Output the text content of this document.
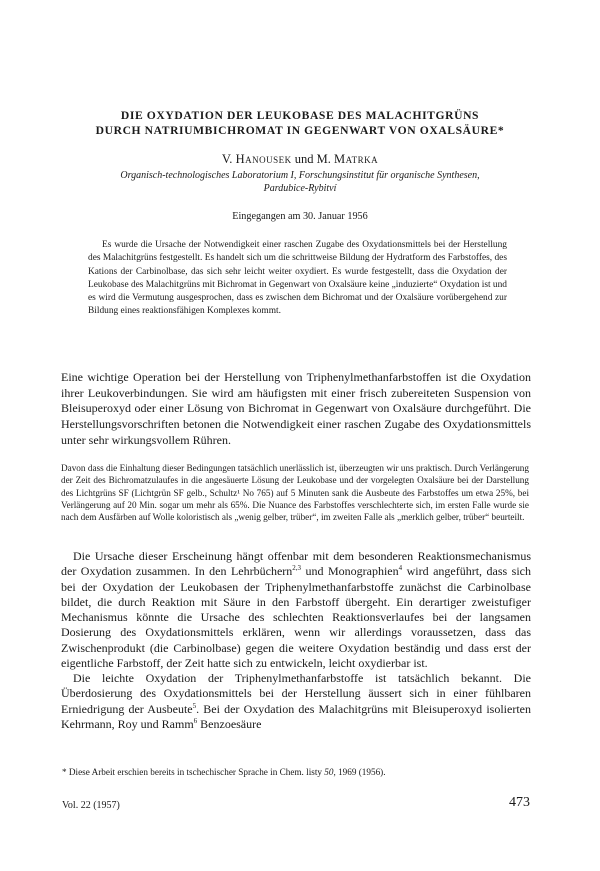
DIE OXYDATION DER LEUKOBASE DES MALACHITGRÜNS
DURCH NATRIUMBICHROMAT IN GEGENWART VON OXALSÄURE*
V. Hanousek und M. Matrka
Organisch-technologisches Laboratorium I, Forschungsinstitut für organische Synthesen,
Pardubice-Rybitví
Eingegangen am 30. Januar 1956

Es wurde die Ursache der Notwendigkeit einer raschen Zugabe des Oxydationsmittels bei der Herstellung des Malachitgrüns festgestellt. Es handelt sich um die schrittweise Bildung der Hydratform des Farbstoffes, des Kations der Carbinolbase, das sich sehr leicht weiter oxydiert. Es wurde festgestellt, dass die Oxydation der Leukobase des Malachitgrüns mit Bichromat in Gegenwart von Oxalsäure keine „induzierte“ Oxydation ist und es wird die Vermutung ausgesprochen, dass es zwischen dem Bichromat und der Oxalsäure vorübergehend zur Bildung eines reaktionsfähigen Komplexes kommt.

Eine wichtige Operation bei der Herstellung von Triphenylmethanfarbstoffen ist die Oxydation ihrer Leukoverbindungen. Sie wird am häufigsten mit einer frisch zubereiteten Suspension von Bleisuperoxyd oder einer Lösung von Bichromat in Gegenwart von Oxalsäure durchgeführt. Die Herstellungsvorschriften betonen die Notwendigkeit einer raschen Zugabe des Oxydationsmittels unter sehr wirkungsvollem Rühren.

Davon dass die Einhaltung dieser Bedingungen tatsächlich unerlässlich ist, überzeugten wir uns praktisch. Durch Verlängerung der Zeit des Bichromatzulaufes in die angesäuerte Lösung der Leukobase und der vorgelegten Oxalsäure bei der Darstellung des Lichtgrüns SF (Lichtgrün SF gelb., Schultz¹ No 765) auf 5 Minuten sank die Ausbeute des Farbstoffes um etwa 25%, bei Verlängerung auf 20 Min. sogar um mehr als 65%. Die Nuance des Farbstoffes verschlechterte sich, im ersten Falle wurde sie nach dem Ausfärben auf Wolle koloristisch als „wenig gelber, trüber“, im zweiten Falle als „merklich gelber, trüber“ beurteilt.

Die Ursache dieser Erscheinung hängt offenbar mit dem besonderen Reaktionsmechanismus der Oxydation zusammen. In den Lehrbüchern$^{2,3}$ und Monographien$^4$ wird angeführt, dass sich bei der Oxydation der Leukobasen der Triphenylmethanfarbstoffe zunächst die Carbinolbase bildet, die durch Reaktion mit Säure in den Farbstoff übergeht. Ein derartiger zweistufiger Mechanismus könnte die Ursache des schlechten Reaktionsverlaufes bei der langsamen Dosierung des Oxydationsmittels erklären, wenn wir allerdings voraussetzen, dass das Zwischenprodukt (die Carbinolbase) gegen die weitere Oxydation beständig und dass erst der eigentliche Farbstoff, der Zeit hatte sich zu entwickeln, leicht oxydierbar ist.

Die leichte Oxydation der Triphenylmethanfarbstoffe ist tatsächlich bekannt. Die Überdosierung des Oxydationsmittels bei der Herstellung äussert sich in einer fühlbaren Erniedrigung der Ausbeute$^5$. Bei der Oxydation des Malachitgrüns mit Bleisuperoxyd isolierten Kehrmann, Roy und Ramm$^6$ Benzoesäure

* Diese Arbeit erschien bereits in tschechischer Sprache in Chem. listy 50, 1969 (1956).
Vol. 22 (1957)	473
